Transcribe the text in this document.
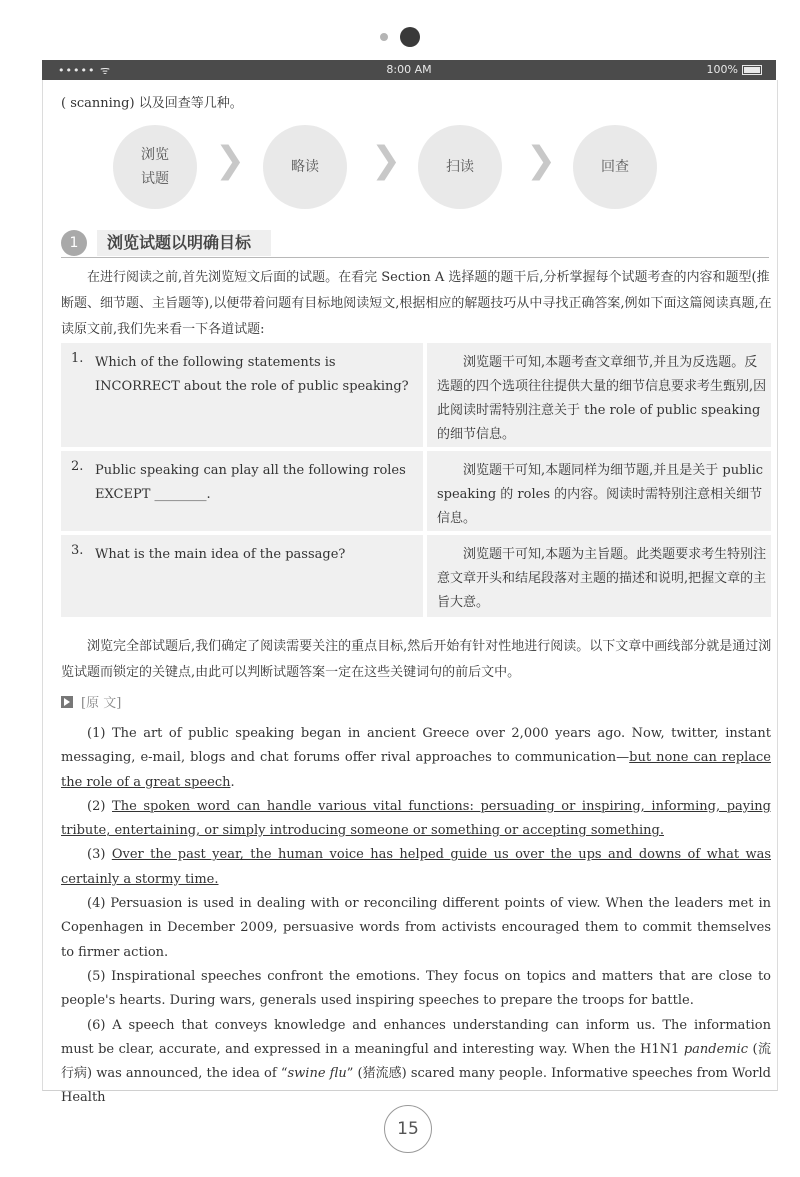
••••• ᯤ	8:00 AM	100%
( scanning) 以及回查等几种。
浏览
试题 ❯	略读 ❯	扫读 ❯	回查
1	浏览试题以明确目标
在进行阅读之前,首先浏览短文后面的试题。在看完 Section A 选择题的题干后,分析掌握每个试题考查的内容和题型(推断题、细节题、主旨题等),以便带着问题有目标地阅读短文,根据相应的解题技巧从中寻找正确答案,例如下面这篇阅读真题,在读原文前,我们先来看一下各道试题:
1. Which of the following statements is INCORRECT about the role of public speaking?
浏览题干可知,本题考查文章细节,并且为反选题。反选题的四个选项往往提供大量的细节信息要求考生甄别,因此阅读时需特别注意关于 the role of public speaking 的细节信息。
2. Public speaking can play all the following roles EXCEPT ________.
浏览题干可知,本题同样为细节题,并且是关于 public speaking 的 roles 的内容。阅读时需特别注意相关细节信息。
3. What is the main idea of the passage?	浏览题干可知,本题为主旨题。此类题要求考生特别注意文章开头和结尾段落对主题的描述和说明,把握文章的主旨大意。
浏览完全部试题后,我们确定了阅读需要关注的重点目标,然后开始有针对性地进行阅读。以下文章中画线部分就是通过浏览试题而锁定的关键点,由此可以判断试题答案一定在这些关键词句的前后文中。
[原 文]

(1) The art of public speaking began in ancient Greece over 2,000 years ago. Now, twitter, instant messaging, e-mail, blogs and chat forums offer rival approaches to communication—but none can replace the role of a great speech.

(2) The spoken word can handle various vital functions: persuading or inspiring, informing, paying tribute, entertaining, or simply introducing someone or something or accepting something.

(3) Over the past year, the human voice has helped guide us over the ups and downs of what was certainly a stormy time.

(4) Persuasion is used in dealing with or reconciling different points of view. When the leaders met in Copenhagen in December 2009, persuasive words from activists encouraged them to commit themselves to firmer action.

(5) Inspirational speeches confront the emotions. They focus on topics and matters that are close to people's hearts. During wars, generals used inspiring speeches to prepare the troops for battle.

(6) A speech that conveys knowledge and enhances understanding can inform us. The information must be clear, accurate, and expressed in a meaningful and interesting way. When the H1N1 pandemic (流行病) was announced, the idea of “swine flu” (猪流感) scared many people. Informative speeches from World Health

15
